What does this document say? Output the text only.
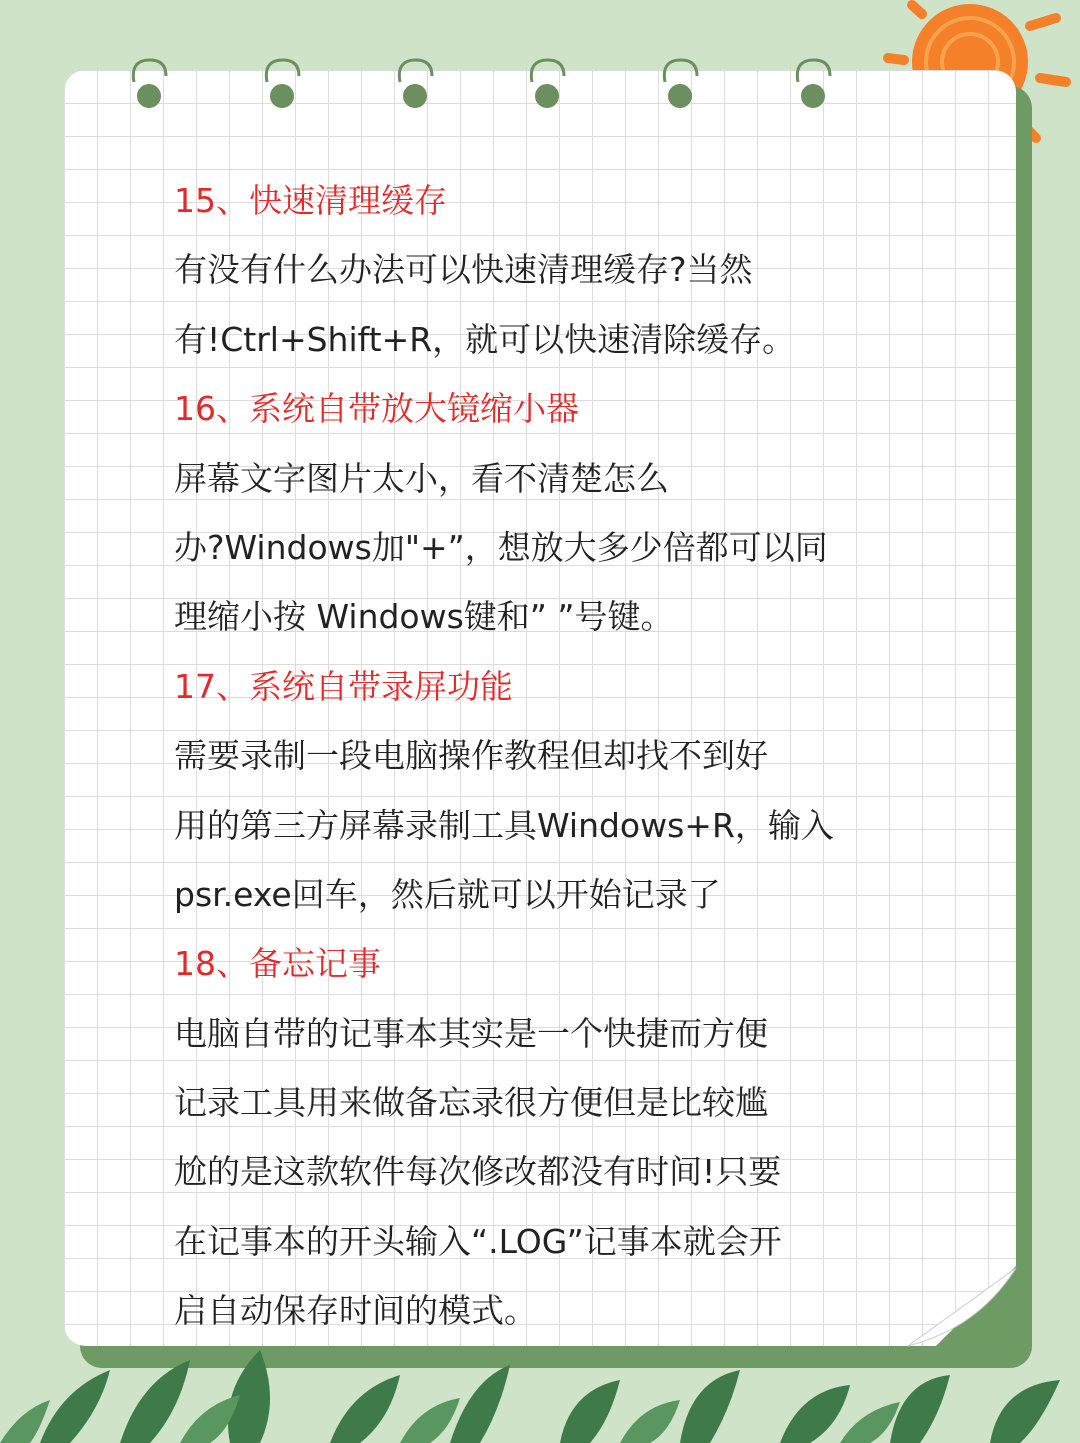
15、快速清理缓存
有没有什么办法可以快速清理缓存?当然
有!Ctrl+Shift+R，就可以快速清除缓存。
16、系统自带放大镜缩小器
屏幕文字图片太小，看不清楚怎么
办?Windows加"+”，想放大多少倍都可以同
理缩小按 Windows键和” ”号键。
17、系统自带录屏功能
需要录制一段电脑操作教程但却找不到好
用的第三方屏幕录制工具Windows+R，输入
psr.exe回车，然后就可以开始记录了
18、备忘记事
电脑自带的记事本其实是一个快捷而方便
记录工具用来做备忘录很方便但是比较尴
尬的是这款软件每次修改都没有时间!只要
在记事本的开头输入“.LOG”记事本就会开
启自动保存时间的模式。
